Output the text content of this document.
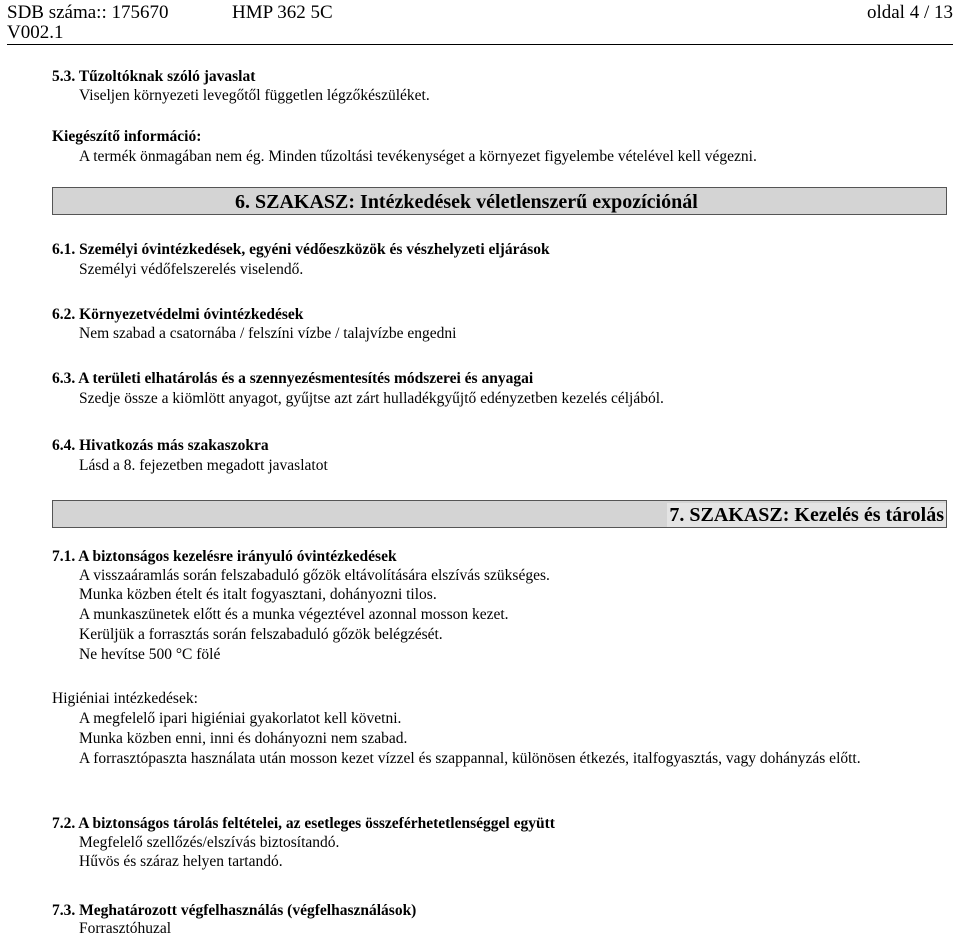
SDB száma:: 175670	HMP 362 5C	oldal 4 / 13
V002.1
5.3. Tűzoltóknak szóló javaslat
Viseljen környezeti levegőtől független légzőkészüléket.
Kiegészítő információ:
A termék önmagában nem ég. Minden tűzoltási tevékenységet a környezet figyelembe vételével kell végezni.
6. SZAKASZ: Intézkedések véletlenszerű expozíciónál
6.1. Személyi óvintézkedések, egyéni védőeszközök és vészhelyzeti eljárások
Személyi védőfelszerelés viselendő.
6.2. Környezetvédelmi óvintézkedések
Nem szabad a csatornába / felszíni vízbe / talajvízbe engedni
6.3. A területi elhatárolás és a szennyezésmentesítés módszerei és anyagai
Szedje össze a kiömlött anyagot, gyűjtse azt zárt hulladékgyűjtő edényzetben kezelés céljából.
6.4. Hivatkozás más szakaszokra
Lásd a 8. fejezetben megadott javaslatot
7. SZAKASZ: Kezelés és tárolás
7.1. A biztonságos kezelésre irányuló óvintézkedések
A visszaáramlás során felszabaduló gőzök eltávolítására elszívás szükséges.
Munka közben ételt és italt fogyasztani, dohányozni tilos.
A munkaszünetek előtt és a munka végeztével azonnal mosson kezet.
Kerüljük a forrasztás során felszabaduló gőzök belégzését.
Ne hevítse 500 °C fölé
Higiéniai intézkedések:
A megfelelő ipari higiéniai gyakorlatot kell követni.
Munka közben enni, inni és dohányozni nem szabad.
A forrasztópaszta használata után mosson kezet vízzel és szappannal, különösen étkezés, italfogyasztás, vagy dohányzás előtt.
7.2. A biztonságos tárolás feltételei, az esetleges összeférhetetlenséggel együtt
Megfelelő szellőzés/elszívás biztosítandó.
Hűvös és száraz helyen tartandó.
7.3. Meghatározott végfelhasználás (végfelhasználások)
Forrasztóhuzal
